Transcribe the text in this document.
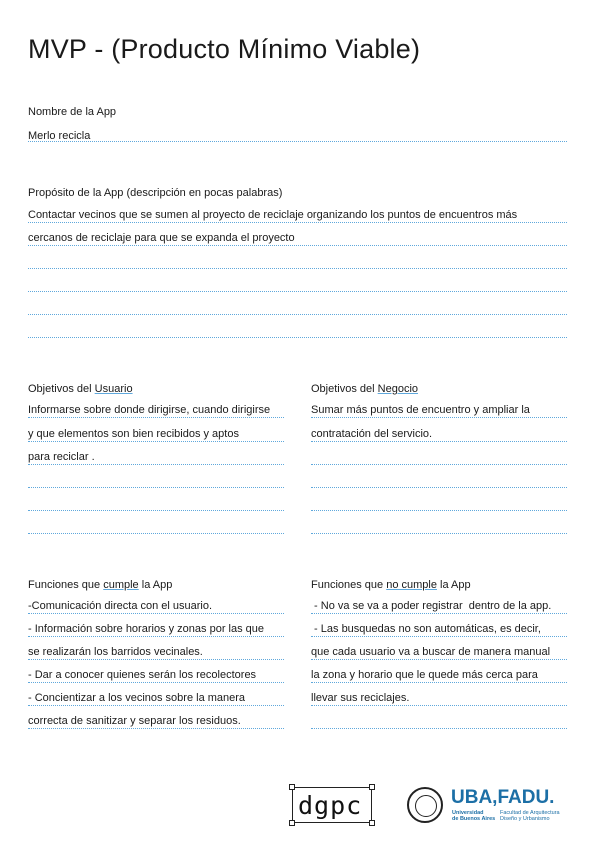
MVP - (Producto Mínimo Viable)
Nombre de la App
Merlo recicla
Propósito de la App (descripción en pocas palabras)
Contactar vecinos que se sumen al proyecto de reciclaje organizando los puntos de encuentros más
cercanos de reciclaje para que se expanda el proyecto
Objetivos del Usuario
Informarse sobre donde dirigirse, cuando dirigirse
y que elementos son bien recibidos y aptos
para reciclar .
Objetivos del Negocio
Sumar más puntos de encuentro y ampliar la
contratación del servicio.
Funciones que cumple la App
-Comunicación directa con el usuario.
- Información sobre horarios y zonas por las que
se realizarán los barridos vecinales.
- Dar a conocer quienes serán los recolectores
- Concientizar a los vecinos sobre la manera
correcta de sanitizar y separar los residuos.
Funciones que no cumple la App
- No va se va a poder registrar  dentro de la app.
- Las busquedas no son automáticas, es decir,
que cada usuario va a buscar de manera manual
la zona y horario que le quede más cerca para
llevar sus reciclajes.
dgpc	UBA,FADU.
Universidad
de Buenos Aires
Facultad de Arquitectura
Diseño y Urbanismo
